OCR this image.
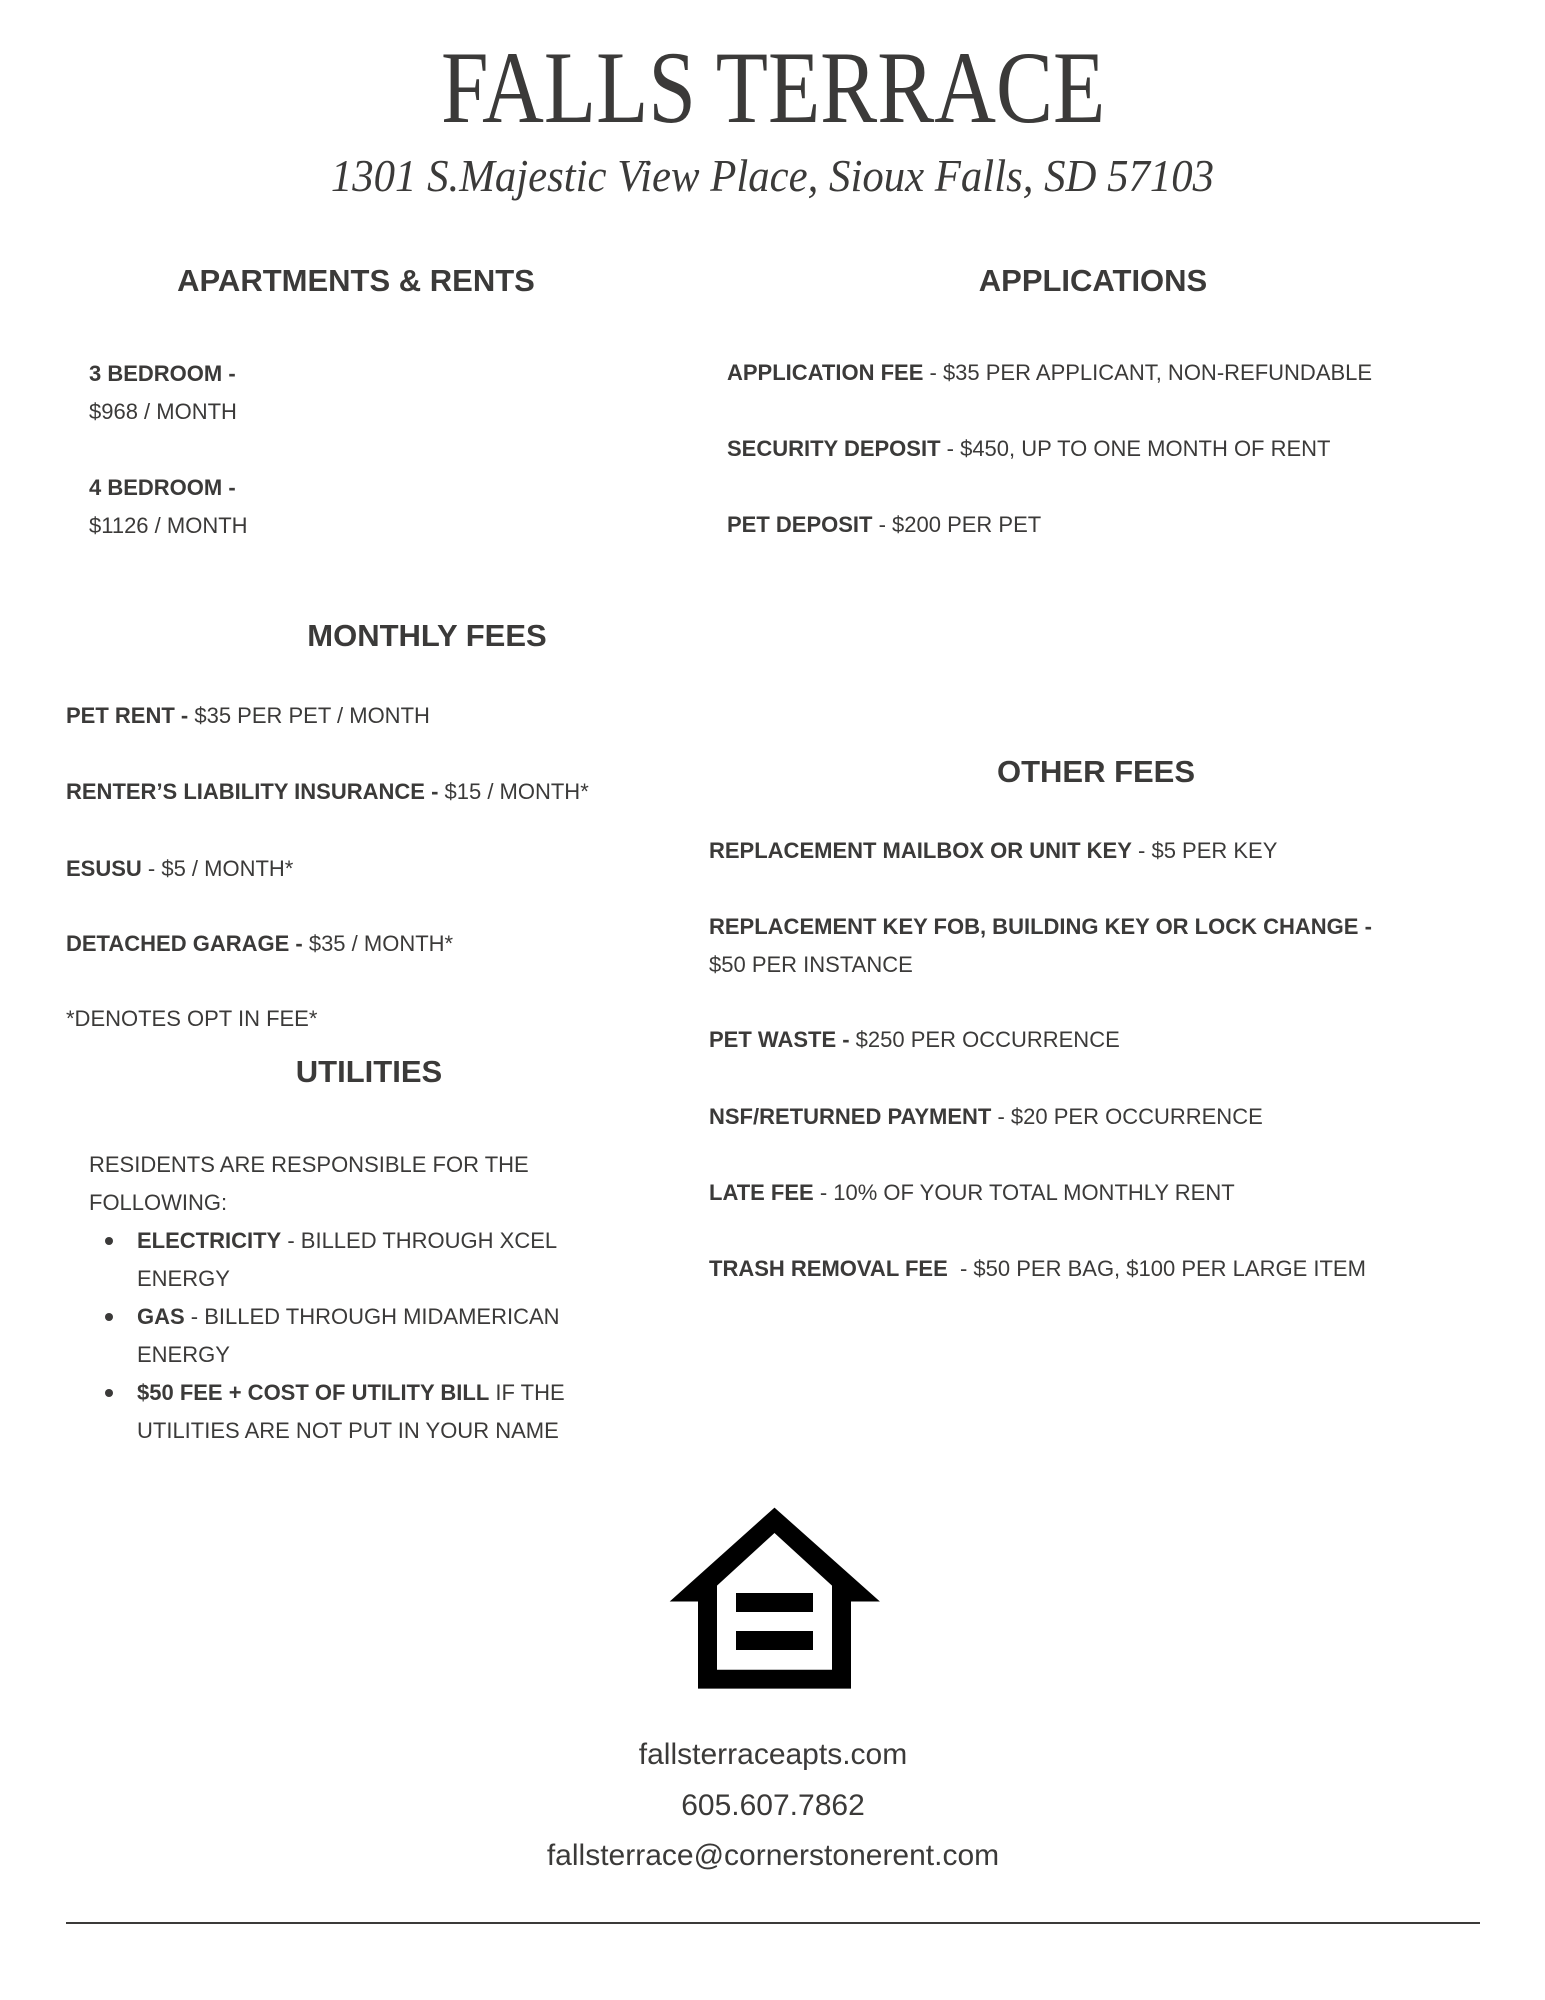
FALLS TERRACE
1301 S.Majestic View Place, Sioux Falls, SD 57103
APARTMENTS & RENTS
3 BEDROOM -
$968 / MONTH
4 BEDROOM -
$1126 / MONTH
APPLICATIONS
APPLICATION FEE - $35 PER APPLICANT, NON-REFUNDABLE
SECURITY DEPOSIT - $450, UP TO ONE MONTH OF RENT
PET DEPOSIT - $200 PER PET
MONTHLY FEES
PET RENT - $35 PER PET / MONTH
RENTER’S LIABILITY INSURANCE - $15 / MONTH*
ESUSU - $5 / MONTH*
DETACHED GARAGE - $35 / MONTH*
*DENOTES OPT IN FEE*
UTILITIES
RESIDENTS ARE RESPONSIBLE FOR THE
FOLLOWING:
ELECTRICITY - BILLED THROUGH XCEL
ENERGY
GAS - BILLED THROUGH MIDAMERICAN
ENERGY
$50 FEE + COST OF UTILITY BILL IF THE
UTILITIES ARE NOT PUT IN YOUR NAME
OTHER FEES
REPLACEMENT MAILBOX OR UNIT KEY - $5 PER KEY
REPLACEMENT KEY FOB, BUILDING KEY OR LOCK CHANGE -
$50 PER INSTANCE
PET WASTE - $250 PER OCCURRENCE
NSF/RETURNED PAYMENT - $20 PER OCCURRENCE
LATE FEE - 10% OF YOUR TOTAL MONTHLY RENT
TRASH REMOVAL FEE  - $50 PER BAG, $100 PER LARGE ITEM
fallsterraceapts.com
605.607.7862
fallsterrace@cornerstonerent.com
